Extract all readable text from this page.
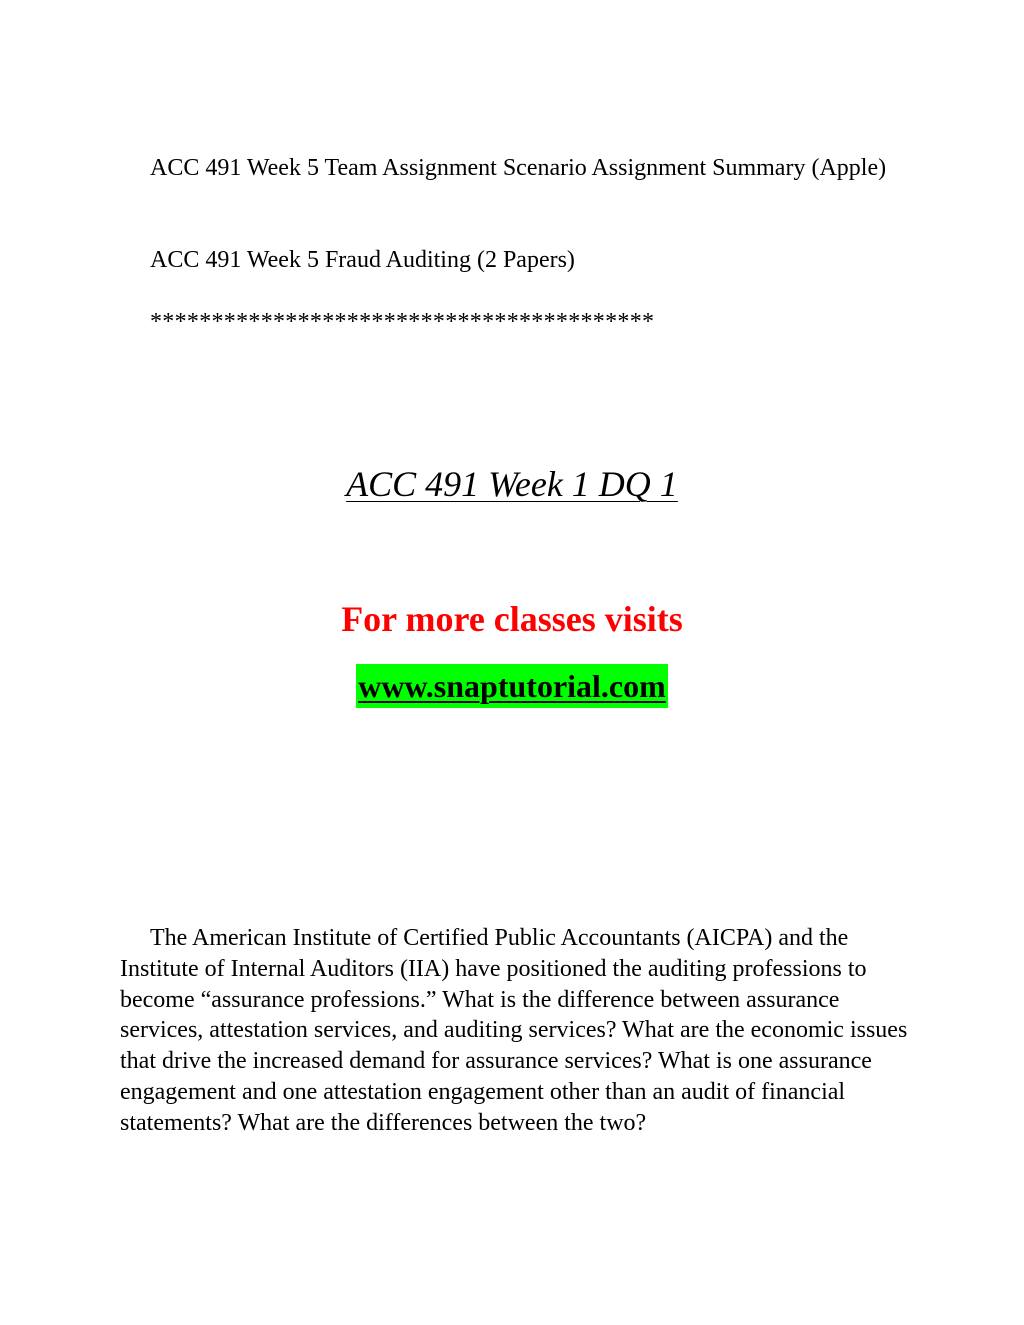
ACC 491 Week 5 Team Assignment Scenario Assignment Summary (Apple)

ACC 491 Week 5 Fraud Auditing (2 Papers)

*****************************************

ACC 491 Week 1 DQ 1
For more classes visits
www.snaptutorial.com

The American Institute of Certified Public Accountants (AICPA) and the Institute of Internal Auditors (IIA) have positioned the auditing professions to become “assurance professions.” What is the difference between assurance services, attestation services, and auditing services? What are the economic issues that drive the increased demand for assurance services? What is one assurance engagement and one attestation engagement other than an audit of financial statements? What are the differences between the two?
